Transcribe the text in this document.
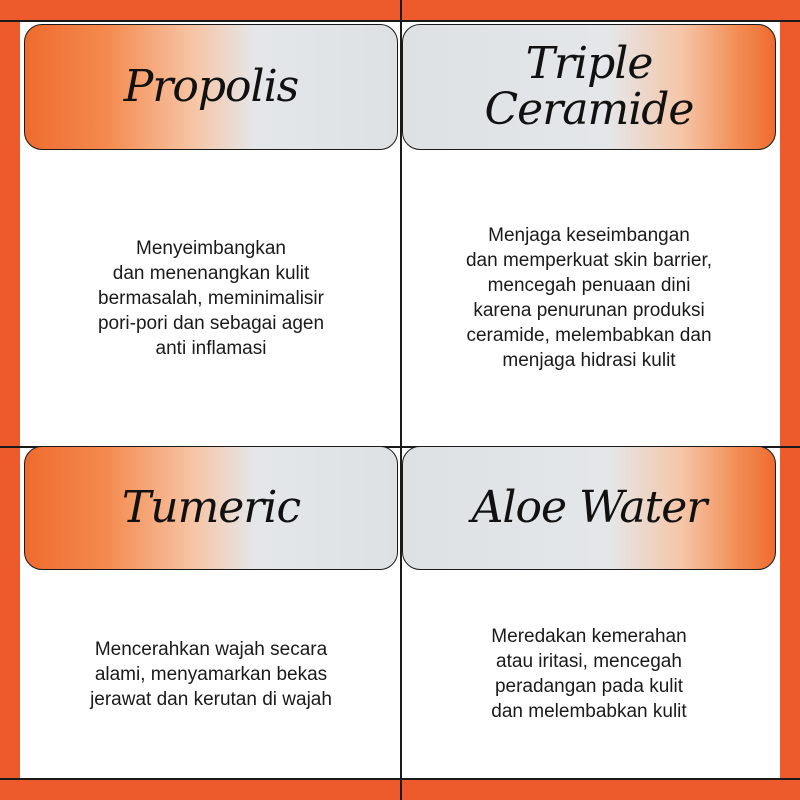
Propolis
Menyeimbangkan
dan menenangkan kulit
bermasalah, meminimalisir
pori-pori dan sebagai agen
anti inflamasi
Triple
Ceramide
Menjaga keseimbangan
dan memperkuat skin barrier,
mencegah penuaan dini
karena penurunan produksi
ceramide, melembabkan dan
menjaga hidrasi kulit
Tumeric
Mencerahkan wajah secara
alami, menyamarkan bekas
jerawat dan kerutan di wajah
Aloe Water
Meredakan kemerahan
atau iritasi, mencegah
peradangan pada kulit
dan melembabkan kulit
